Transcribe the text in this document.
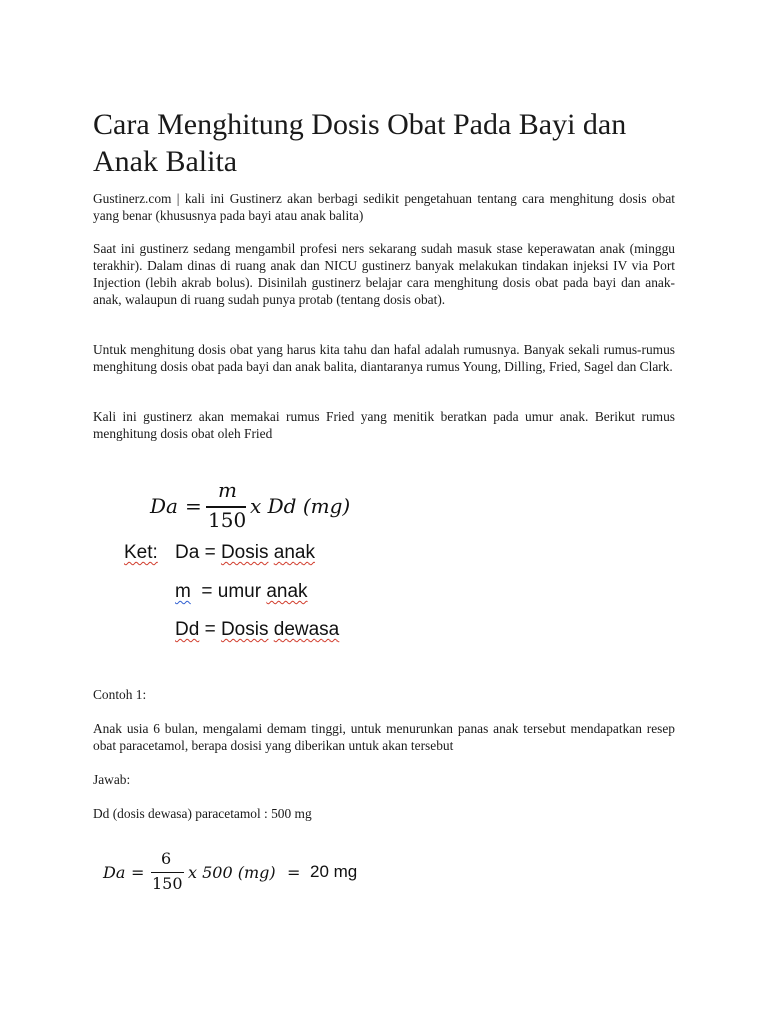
Cara Menghitung Dosis Obat Pada Bayi dan Anak Balita

Gustinerz.com | kali ini Gustinerz akan berbagi sedikit pengetahuan tentang cara menghitung dosis obat yang benar (khususnya pada bayi atau anak balita)

Saat ini gustinerz sedang mengambil profesi ners sekarang sudah masuk stase keperawatan anak (minggu terakhir). Dalam dinas di ruang anak dan NICU gustinerz banyak melakukan tindakan injeksi IV via Port Injection (lebih akrab bolus). Disinilah gustinerz belajar cara menghitung dosis obat pada bayi dan anak-anak, walaupun di ruang sudah punya protab (tentang dosis obat).

Untuk menghitung dosis obat yang harus kita tahu dan hafal adalah rumusnya. Banyak sekali rumus-rumus menghitung dosis obat pada bayi dan anak balita, diantaranya rumus Young, Dilling, Fried, Sagel dan Clark.

Kali ini gustinerz akan memakai rumus Fried yang menitik beratkan pada umur anak. Berikut rumus menghitung dosis obat oleh Fried

Da =
m
150
x Dd (mg)
Ket: Da = Dosis anak
m  = umur anak
Dd = Dosis dewasa

Contoh 1:

Anak usia 6 bulan, mengalami demam tinggi, untuk menurunkan panas anak tersebut mendapatkan resep obat paracetamol, berapa dosisi yang diberikan untuk akan tersebut

Jawab:

Dd (dosis dewasa) paracetamol : 500 mg

Da =
6
150
x 500 (mg) = 20 mg
